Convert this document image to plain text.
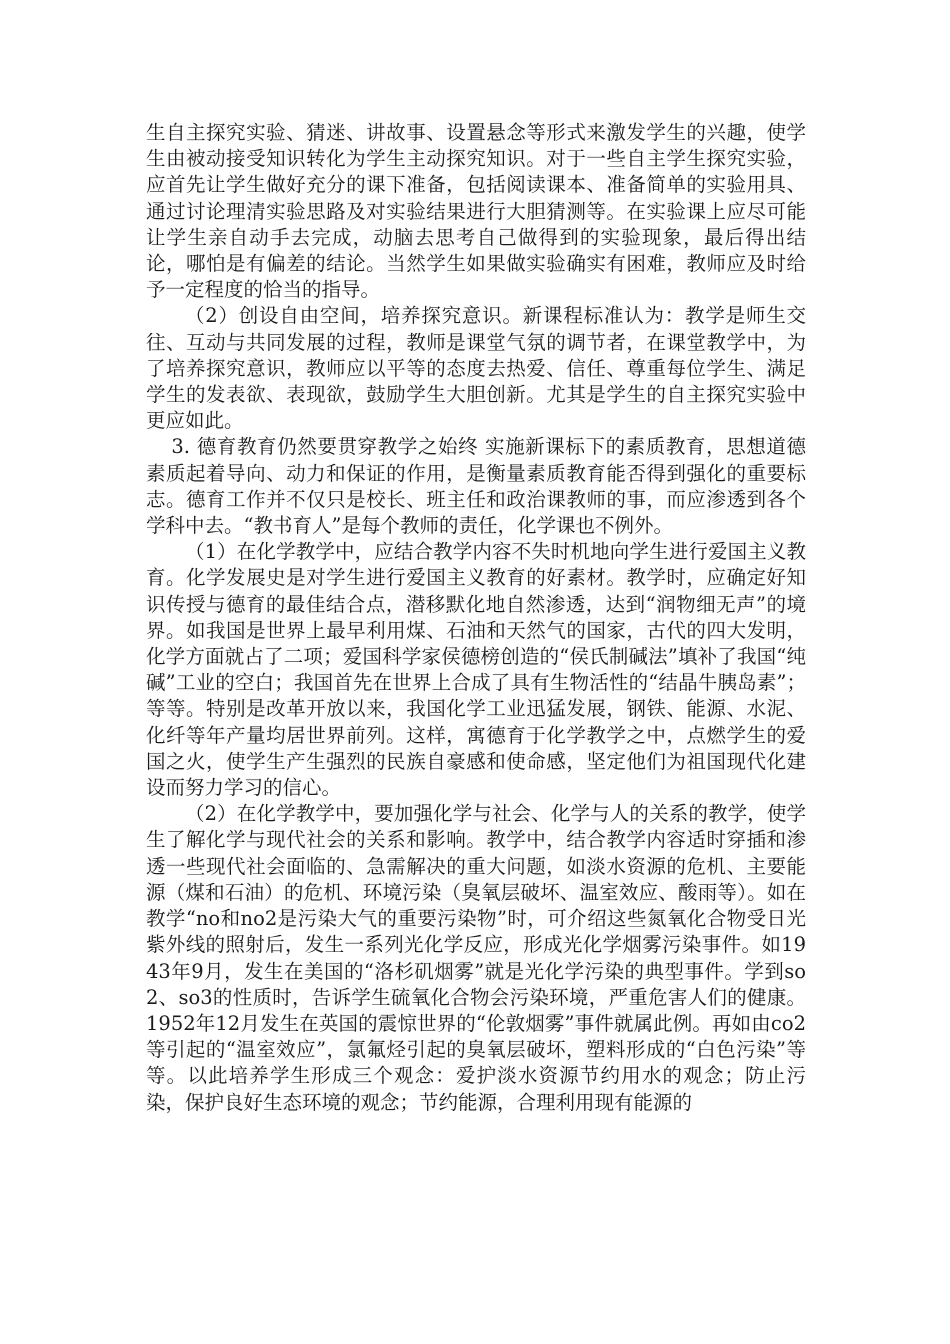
生自主探究实验、猜迷、讲故事、设置悬念等形式来激发学生的兴趣，使学生由被动接受知识转化为学生主动探究知识。对于一些自主学生探究实验，应首先让学生做好充分的课下准备，包括阅读课本、准备简单的实验用具、通过讨论理清实验思路及对实验结果进行大胆猜测等。在实验课上应尽可能让学生亲自动手去完成，动脑去思考自己做得到的实验现象，最后得出结论，哪怕是有偏差的结论。当然学生如果做实验确实有困难，教师应及时给予一定程度的恰当的指导。

（2）创设自由空间，培养探究意识。新课程标准认为：教学是师生交往、互动与共同发展的过程，教师是课堂气氛的调节者，在课堂教学中，为了培养探究意识，教师应以平等的态度去热爱、信任、尊重每位学生、满足学生的发表欲、表现欲，鼓励学生大胆创新。尤其是学生的自主探究实验中更应如此。

3. 德育教育仍然要贯穿教学之始终 实施新课标下的素质教育，思想道德素质起着导向、动力和保证的作用，是衡量素质教育能否得到强化的重要标志。德育工作并不仅只是校长、班主任和政治课教师的事，而应渗透到各个学科中去。“教书育人”是每个教师的责任，化学课也不例外。

（1）在化学教学中，应结合教学内容不失时机地向学生进行爱国主义教育。化学发展史是对学生进行爱国主义教育的好素材。教学时，应确定好知识传授与德育的最佳结合点，潜移默化地自然渗透，达到“润物细无声”的境界。如我国是世界上最早利用煤、石油和天然气的国家，古代的四大发明，化学方面就占了二项；爱国科学家侯德榜创造的“侯氏制碱法”填补了我国“纯碱”工业的空白；我国首先在世界上合成了具有生物活性的“结晶牛胰岛素”；等等。特别是改革开放以来，我国化学工业迅猛发展，钢铁、能源、水泥、化纤等年产量均居世界前列。这样，寓德育于化学教学之中，点燃学生的爱国之火，使学生产生强烈的民族自豪感和使命感，坚定他们为祖国现代化建设而努力学习的信心。

（2）在化学教学中，要加强化学与社会、化学与人的关系的教学，使学生了解化学与现代社会的关系和影响。教学中，结合教学内容适时穿插和渗透一些现代社会面临的、急需解决的重大问题，如淡水资源的危机、主要能源（煤和石油）的危机、环境污染（臭氧层破坏、温室效应、酸雨等）。如在教学“no和no2是污染大气的重要污染物”时，可介绍这些氮氧化合物受日光紫外线的照射后，发生一系列光化学反应，形成光化学烟雾污染事件。如1943年9月，发生在美国的“洛杉矶烟雾”就是光化学污染的典型事件。学到so2、so3的性质时，告诉学生硫氧化合物会污染环境，严重危害人们的健康。1952年12月发生在英国的震惊世界的“伦敦烟雾”事件就属此例。再如由co2等引起的“温室效应”，氯氟烃引起的臭氧层破坏，塑料形成的“白色污染”等等。以此培养学生形成三个观念：爱护淡水资源节约用水的观念；防止污染，保护良好生态环境的观念；节约能源，合理利用现有能源的
